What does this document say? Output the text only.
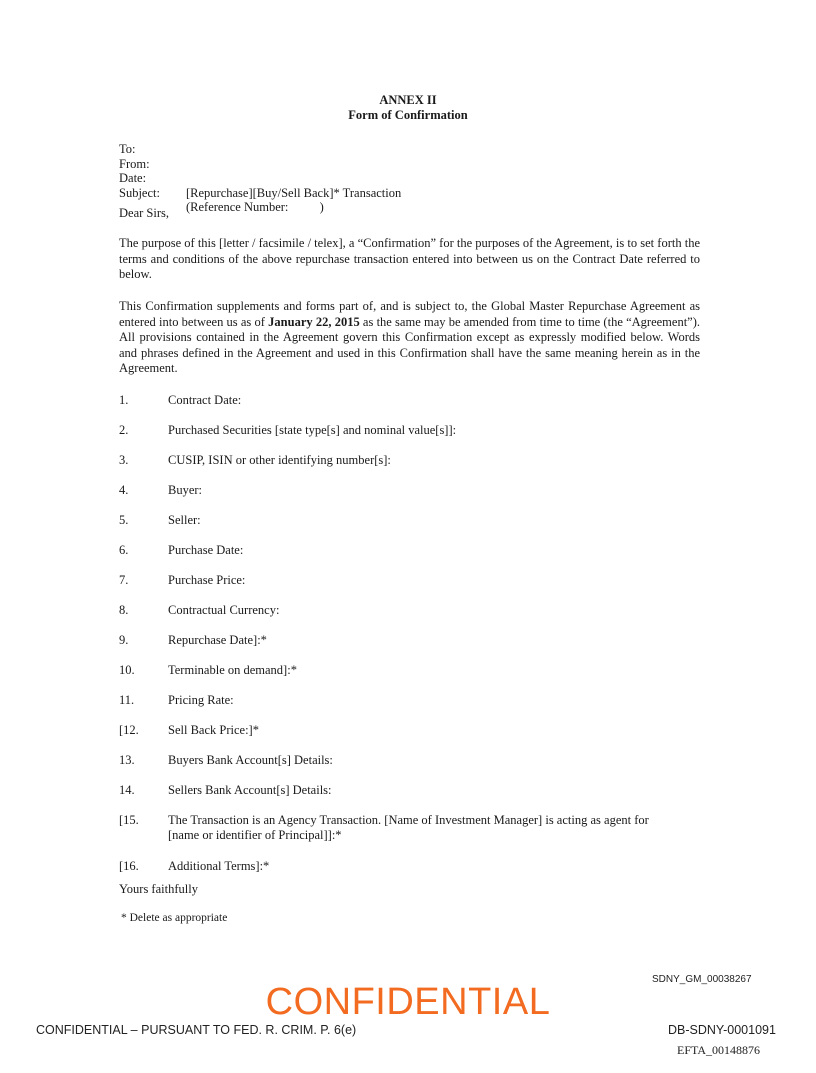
ANNEX II
Form of Confirmation
To:
From:
Date:
Subject:	[Repurchase][Buy/Sell Back]* Transaction
(Reference Number:          )
Dear Sirs,
The purpose of this [letter / facsimile / telex], a “Confirmation” for the purposes of the Agreement, is to set forth the terms and conditions of the above repurchase transaction entered into between us on the Contract Date referred to below.
This Confirmation supplements and forms part of, and is subject to, the Global Master Repurchase Agreement as entered into between us as of January 22, 2015 as the same may be amended from time to time (the “Agreement”). All provisions contained in the Agreement govern this Confirmation except as expressly modified below. Words and phrases defined in the Agreement and used in this Confirmation shall have the same meaning herein as in the Agreement.
1.	Contract Date:
2.	Purchased Securities [state type[s] and nominal value[s]]:
3.	CUSIP, ISIN or other identifying number[s]:
4.	Buyer:
5.	Seller:
6.	Purchase Date:
7.	Purchase Price:
8.	Contractual Currency:
9.	Repurchase Date]:*
10.	Terminable on demand]:*
11.	Pricing Rate:
[12.	Sell Back Price:]*
13.	Buyers Bank Account[s] Details:
14.	Sellers Bank Account[s] Details:
[15.	The Transaction is an Agency Transaction. [Name of Investment Manager] is acting as agent for [name or identifier of Principal]]:*
[16.	Additional Terms]:*
Yours faithfully
* Delete as appropriate
SDNY_GM_00038267
CONFIDENTIAL
CONFIDENTIAL – PURSUANT TO FED. R. CRIM. P. 6(e)	DB-SDNY-0001091
EFTA_00148876
